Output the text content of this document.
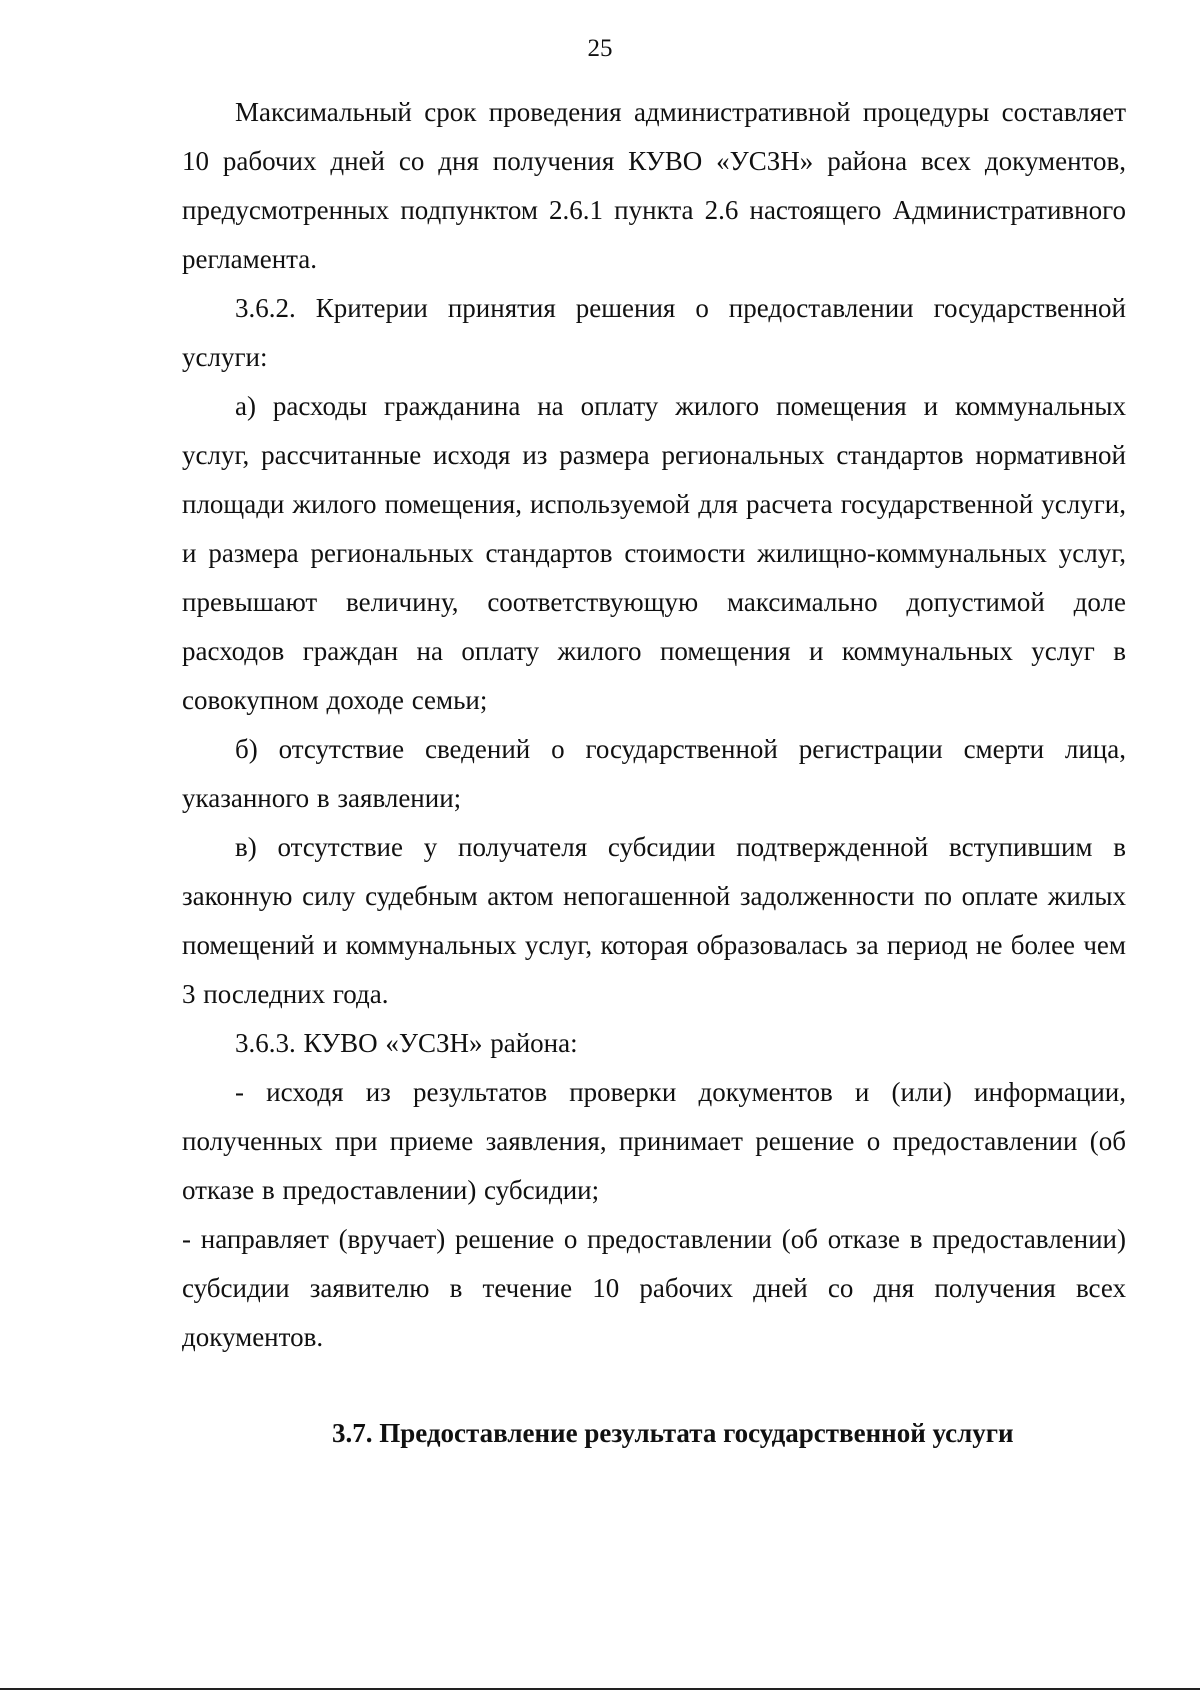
25

Максимальный срок проведения административной процедуры составляет 10 рабочих дней со дня получения КУВО «УСЗН» района всех документов, предусмотренных подпунктом 2.6.1 пункта 2.6 настоящего Административного регламента.

3.6.2. Критерии принятия решения о предоставлении государственной услуги:

а) расходы гражданина на оплату жилого помещения и коммунальных услуг, рассчитанные исходя из размера региональных стандартов нормативной площади жилого помещения, используемой для расчета государственной услуги, и размера региональных стандартов стоимости жилищно-коммунальных услуг, превышают величину, соответствующую максимально допустимой доле расходов граждан на оплату жилого помещения и коммунальных услуг в совокупном доходе семьи;

б) отсутствие сведений о государственной регистрации смерти лица, указанного в заявлении;

в) отсутствие у получателя субсидии подтвержденной вступившим в законную силу судебным актом непогашенной задолженности по оплате жилых помещений и коммунальных услуг, которая образовалась за период не более чем 3 последних года.

3.6.3. КУВО «УСЗН» района:

- исходя из результатов проверки документов и (или) информации, полученных при приеме заявления, принимает решение о предоставлении (об отказе в предоставлении) субсидии;

- направляет (вручает) решение о предоставлении (об отказе в предоставлении) субсидии заявителю в течение 10 рабочих дней со дня получения всех документов.

3.7. Предоставление результата государственной услуги
